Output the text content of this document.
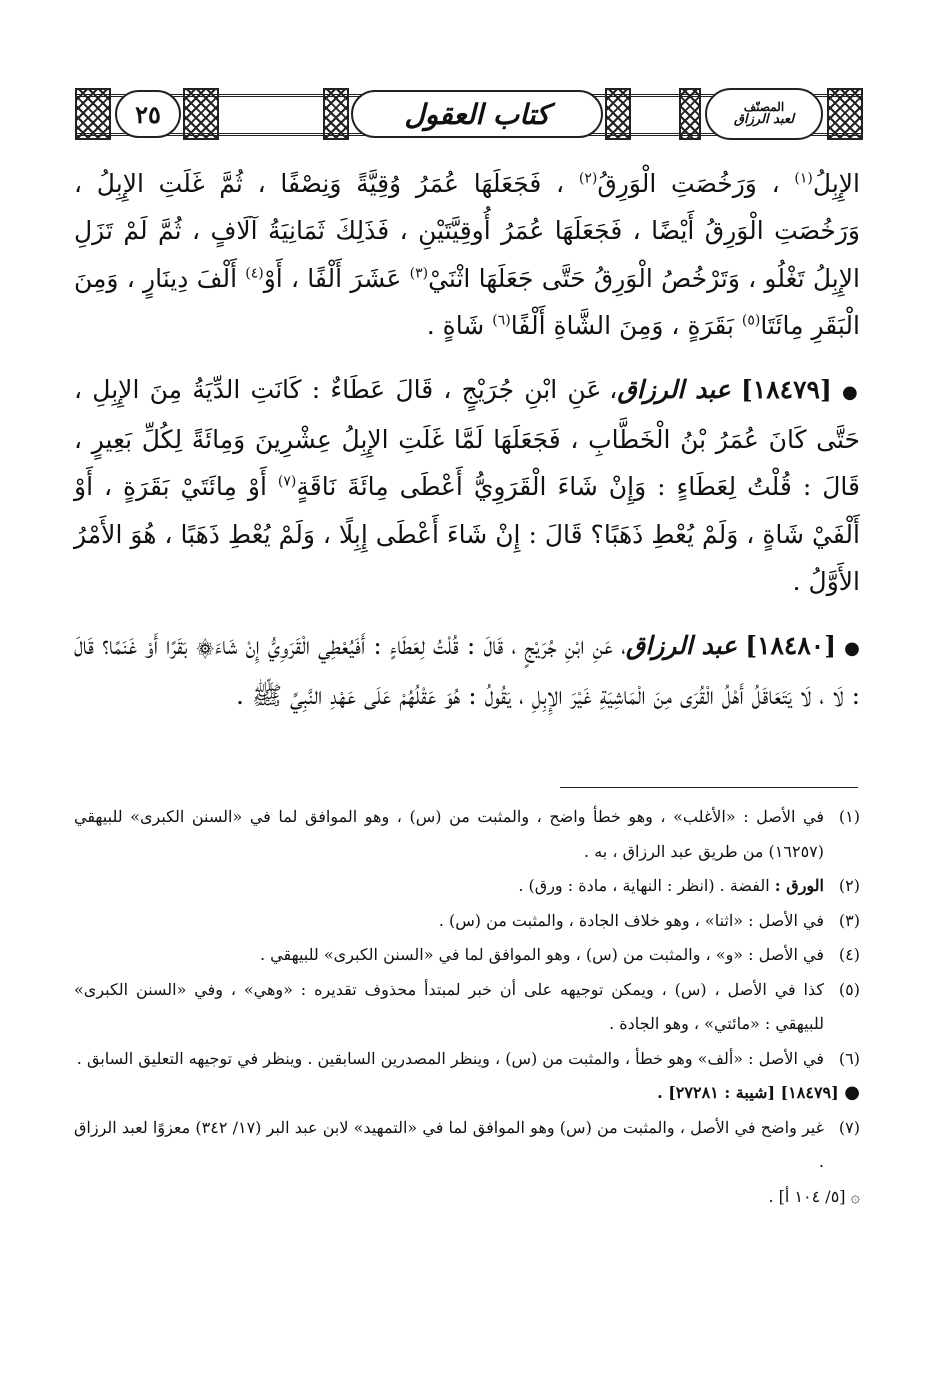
٢٥	كتاب العقول	المصنّف
لعبد الرزاق

الإِبِلُ$^{(١)}$ ، وَرَخُصَتِ الْوَرِقُ$^{(٢)}$ ، فَجَعَلَهَا عُمَرُ وُقِيَّةً وَنِصْفًا ، ثُمَّ غَلَتِ الإِبِلُ ، وَرَخُصَتِ الْوَرِقُ أَيْضًا ، فَجَعَلَهَا عُمَرُ أُوقِيَّتَيْنِ ، فَذَلِكَ ثَمَانِيَةُ آلَافٍ ، ثُمَّ لَمْ تَزَلِ الإِبِلُ تَغْلُو ، وَتَرْخُصُ الْوَرِقُ حَتَّى جَعَلَهَا اثْنَيْ$^{(٣)}$ عَشَرَ أَلْفًا ، أَوْ$^{(٤)}$ أَلْفَ دِينَارٍ ، وَمِنَ الْبَقَرِ مِائَتَا$^{(٥)}$ بَقَرَةٍ ، وَمِنَ الشَّاةِ أَلْفًا$^{(٦)}$ شَاةٍ .

● [١٨٤٧٩] عبد الرزاق، عَنِ ابْنِ جُرَيْجٍ ، قَالَ عَطَاءٌ : كَانَتِ الدِّيَةُ مِنَ الإِبِلِ ، حَتَّى كَانَ عُمَرُ بْنُ الْخَطَّابِ ، فَجَعَلَهَا لَمَّا غَلَتِ الإِبِلُ عِشْرِينَ وَمِائَةً لِكُلِّ بَعِيرٍ ، قَالَ : قُلْتُ لِعَطَاءٍ : وَإِنْ شَاءَ الْقَرَوِيُّ أَعْطَى مِائَةَ نَاقَةٍ$^{(٧)}$ أَوْ مِائَتَيْ بَقَرَةٍ ، أَوْ أَلْفَيْ شَاةٍ ، وَلَمْ يُعْطِ ذَهَبًا؟ قَالَ : إِنْ شَاءَ أَعْطَى إِبِلًا ، وَلَمْ يُعْطِ ذَهَبًا ، هُوَ الأَمْرُ الأَوَّلُ .

● [١٨٤٨٠] عبد الرزاق، عَنِ ابْنِ جُرَيْجٍ ، قَالَ : قُلْتُ لِعَطَاءٍ : أَفَيُعْطِي الْقَرَوِيُّ إِنْ شَاءَ۞ بَقَرًا أَوْ غَنَمًا؟ قَالَ : لَا ، لَا يَتَعَاقَلُ أَهْلُ الْقُرَى مِنَ الْمَاشِيَةِ غَيْرَ الإِبِلِ ، يَقُولُ : هُوَ عَقْلُهُمْ عَلَى عَهْدِ النَّبِيِّ ﷺ .

(١)
في الأصل : «الأغلب» ، وهو خطأ واضح ، والمثبت من (س) ، وهو الموافق لما في «السنن الكبرى» للبيهقي (١٦٢٥٧) من طريق عبد الرزاق ، به .
(٢)
الورق : الفضة . (انظر : النهاية ، مادة : ورق) .
(٣)
في الأصل : «اثنا» ، وهو خلاف الجادة ، والمثبت من (س) .
(٤)
في الأصل : «و» ، والمثبت من (س) ، وهو الموافق لما في «السنن الكبرى» للبيهقي .
(٥)
كذا في الأصل ، (س) ، ويمكن توجيهه على أن خبر لمبتدأ محذوف تقديره : «وهي» ، وفي «السنن الكبرى» للبيهقي : «مائتي» ، وهو الجادة .
(٦)
في الأصل : «ألف» وهو خطأ ، والمثبت من (س) ، وينظر المصدرين السابقين . وينظر في توجيهه التعليق السابق .
● [١٨٤٧٩] [شيبة : ٢٧٢٨١] .
(٧)
غير واضح في الأصل ، والمثبت من (س) وهو الموافق لما في «التمهيد» لابن عبد البر (١٧/ ٣٤٢) معزوًا لعبد الرزاق .
۞ [٥/ ١٠٤ أ] .
